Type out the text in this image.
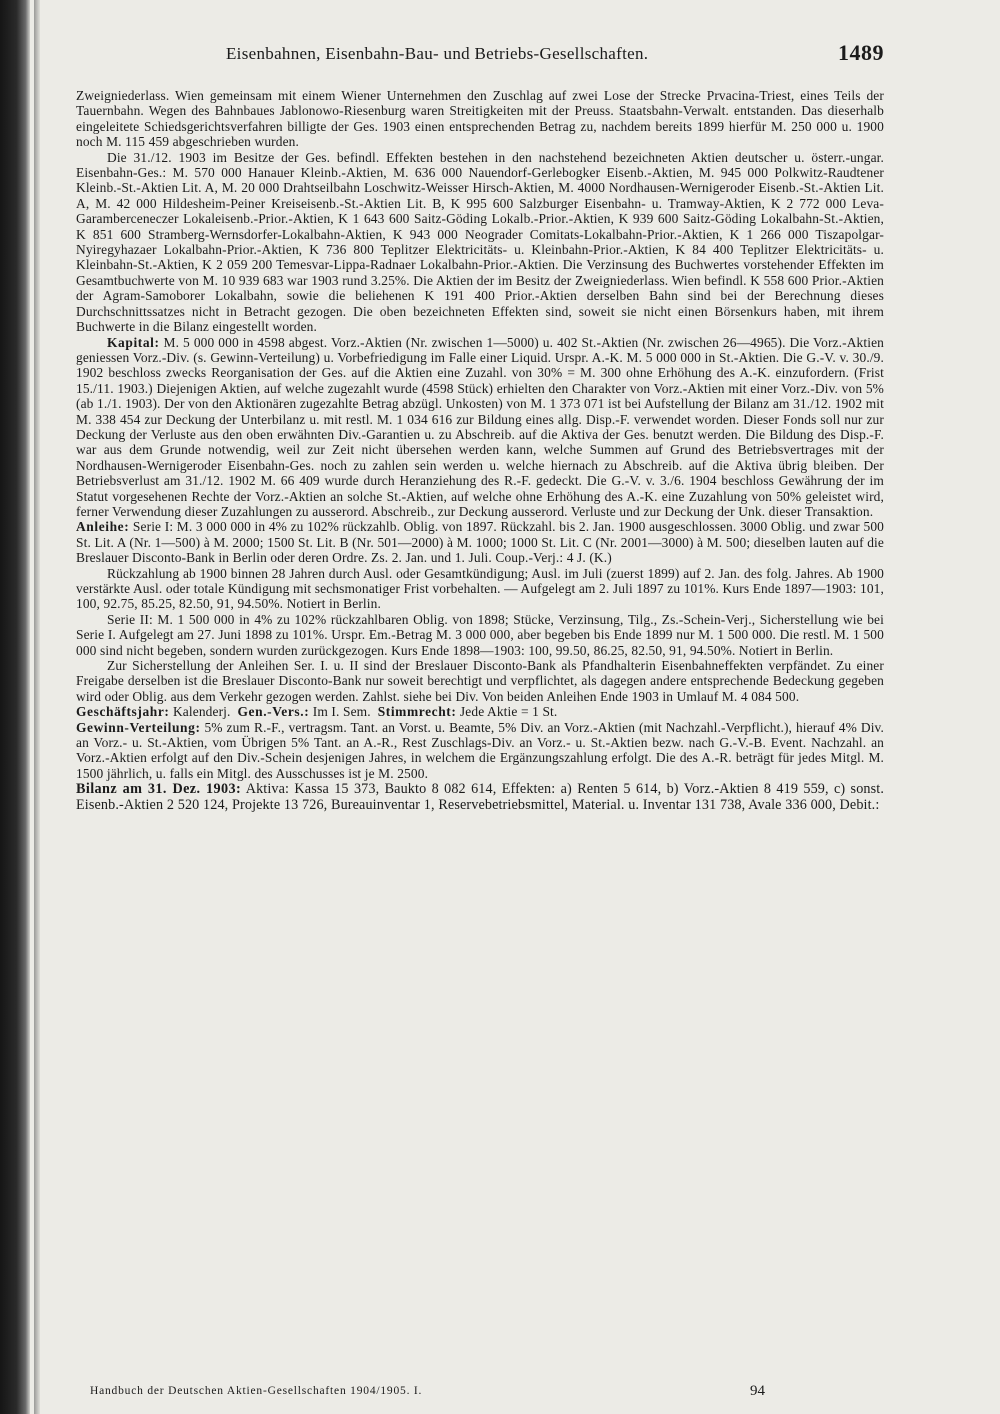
Eisenbahnen, Eisenbahn-Bau- und Betriebs-Gesellschaften.	1489

Zweigniederlass. Wien gemeinsam mit einem Wiener Unternehmen den Zuschlag auf zwei Lose der Strecke Prvacina-Triest, eines Teils der Tauernbahn. Wegen des Bahnbaues Jablonowo-Riesenburg waren Streitigkeiten mit der Preuss. Staatsbahn-Verwalt. entstanden. Das dieserhalb eingeleitete Schiedsgerichtsverfahren billigte der Ges. 1903 einen entsprechenden Betrag zu, nachdem bereits 1899 hierfür M. 250 000 u. 1900 noch M. 115 459 abgeschrieben wurden.

Die 31./12. 1903 im Besitze der Ges. befindl. Effekten bestehen in den nachstehend bezeichneten Aktien deutscher u. österr.-ungar. Eisenbahn-Ges.: M. 570 000 Hanauer Kleinb.-Aktien, M. 636 000 Nauendorf-Gerlebogker Eisenb.-Aktien, M. 945 000 Polkwitz-Raudtener Kleinb.-St.-Aktien Lit. A, M. 20 000 Drahtseilbahn Loschwitz-Weisser Hirsch-Aktien, M. 4000 Nordhausen-Wernigeroder Eisenb.-St.-Aktien Lit. A, M. 42 000 Hildesheim-Peiner Kreiseisenb.-St.-Aktien Lit. B, K 995 600 Salzburger Eisenbahn- u. Tramway-Aktien, K 2 772 000 Leva-Garamberceneczer Lokaleisenb.-Prior.-Aktien, K 1 643 600 Saitz-Göding Lokalb.-Prior.-Aktien, K 939 600 Saitz-Göding Lokalbahn-St.-Aktien, K 851 600 Stramberg-Wernsdorfer-Lokalbahn-Aktien, K 943 000 Neograder Comitats-Lokalbahn-Prior.-Aktien, K 1 266 000 Tiszapolgar-Nyiregyhazaer Lokalbahn-Prior.-Aktien, K 736 800 Teplitzer Elektricitäts- u. Kleinbahn-Prior.-Aktien, K 84 400 Teplitzer Elektricitäts- u. Kleinbahn-St.-Aktien, K 2 059 200 Temesvar-Lippa-Radnaer Lokalbahn-Prior.-Aktien. Die Verzinsung des Buchwertes vorstehender Effekten im Gesamtbuchwerte von M. 10 939 683 war 1903 rund 3.25%. Die Aktien der im Besitz der Zweigniederlass. Wien befindl. K 558 600 Prior.-Aktien der Agram-Samoborer Lokalbahn, sowie die beliehenen K 191 400 Prior.-Aktien derselben Bahn sind bei der Berechnung dieses Durchschnittssatzes nicht in Betracht gezogen. Die oben bezeichneten Effekten sind, soweit sie nicht einen Börsenkurs haben, mit ihrem Buchwerte in die Bilanz eingestellt worden.

Kapital: M. 5 000 000 in 4598 abgest. Vorz.-Aktien (Nr. zwischen 1—5000) u. 402 St.-Aktien (Nr. zwischen 26—4965). Die Vorz.-Aktien geniessen Vorz.-Div. (s. Gewinn-Verteilung) u. Vorbefriedigung im Falle einer Liquid. Urspr. A.-K. M. 5 000 000 in St.-Aktien. Die G.-V. v. 30./9. 1902 beschloss zwecks Reorganisation der Ges. auf die Aktien eine Zuzahl. von 30% = M. 300 ohne Erhöhung des A.-K. einzufordern. (Frist 15./11. 1903.) Diejenigen Aktien, auf welche zugezahlt wurde (4598 Stück) erhielten den Charakter von Vorz.-Aktien mit einer Vorz.-Div. von 5% (ab 1./1. 1903). Der von den Aktionären zugezahlte Betrag abzügl. Unkosten) von M. 1 373 071 ist bei Aufstellung der Bilanz am 31./12. 1902 mit M. 338 454 zur Deckung der Unterbilanz u. mit restl. M. 1 034 616 zur Bildung eines allg. Disp.-F. verwendet worden. Dieser Fonds soll nur zur Deckung der Verluste aus den oben erwähnten Div.-Garantien u. zu Abschreib. auf die Aktiva der Ges. benutzt werden. Die Bildung des Disp.-F. war aus dem Grunde notwendig, weil zur Zeit nicht übersehen werden kann, welche Summen auf Grund des Betriebsvertrages mit der Nordhausen-Wernigeroder Eisenbahn-Ges. noch zu zahlen sein werden u. welche hiernach zu Abschreib. auf die Aktiva übrig bleiben. Der Betriebsverlust am 31./12. 1902 M. 66 409 wurde durch Heranziehung des R.-F. gedeckt. Die G.-V. v. 3./6. 1904 beschloss Gewährung der im Statut vorgesehenen Rechte der Vorz.-Aktien an solche St.-Aktien, auf welche ohne Erhöhung des A.-K. eine Zuzahlung von 50% geleistet wird, ferner Verwendung dieser Zuzahlungen zu ausserord. Abschreib., zur Deckung ausserord. Verluste und zur Deckung der Unk. dieser Transaktion.

Anleihe: Serie I: M. 3 000 000 in 4% zu 102% rückzahlb. Oblig. von 1897. Rückzahl. bis 2. Jan. 1900 ausgeschlossen. 3000 Oblig. und zwar 500 St. Lit. A (Nr. 1—500) à M. 2000; 1500 St. Lit. B (Nr. 501—2000) à M. 1000; 1000 St. Lit. C (Nr. 2001—3000) à M. 500; dieselben lauten auf die Breslauer Disconto-Bank in Berlin oder deren Ordre. Zs. 2. Jan. und 1. Juli. Coup.-Verj.: 4 J. (K.)

Rückzahlung ab 1900 binnen 28 Jahren durch Ausl. oder Gesamtkündigung; Ausl. im Juli (zuerst 1899) auf 2. Jan. des folg. Jahres. Ab 1900 verstärkte Ausl. oder totale Kündigung mit sechsmonatiger Frist vorbehalten. — Aufgelegt am 2. Juli 1897 zu 101%. Kurs Ende 1897—1903: 101, 100, 92.75, 85.25, 82.50, 91, 94.50%. Notiert in Berlin.

Serie II: M. 1 500 000 in 4% zu 102% rückzahlbaren Oblig. von 1898; Stücke, Verzinsung, Tilg., Zs.-Schein-Verj., Sicherstellung wie bei Serie I. Aufgelegt am 27. Juni 1898 zu 101%. Urspr. Em.-Betrag M. 3 000 000, aber begeben bis Ende 1899 nur M. 1 500 000. Die restl. M. 1 500 000 sind nicht begeben, sondern wurden zurückgezogen. Kurs Ende 1898—1903: 100, 99.50, 86.25, 82.50, 91, 94.50%. Notiert in Berlin.

Zur Sicherstellung der Anleihen Ser. I. u. II sind der Breslauer Disconto-Bank als Pfandhalterin Eisenbahneffekten verpfändet. Zu einer Freigabe derselben ist die Breslauer Disconto-Bank nur soweit berechtigt und verpflichtet, als dagegen andere entsprechende Bedeckung gegeben wird oder Oblig. aus dem Verkehr gezogen werden. Zahlst. siehe bei Div. Von beiden Anleihen Ende 1903 in Umlauf M. 4 084 500.

Geschäftsjahr: Kalenderj. Gen.-Vers.: Im I. Sem. Stimmrecht: Jede Aktie = 1 St.

Gewinn-Verteilung: 5% zum R.-F., vertragsm. Tant. an Vorst. u. Beamte, 5% Div. an Vorz.-Aktien (mit Nachzahl.-Verpflicht.), hierauf 4% Div. an Vorz.- u. St.-Aktien, vom Übrigen 5% Tant. an A.-R., Rest Zuschlags-Div. an Vorz.- u. St.-Aktien bezw. nach G.-V.-B. Event. Nachzahl. an Vorz.-Aktien erfolgt auf den Div.-Schein desjenigen Jahres, in welchem die Ergänzungszahlung erfolgt. Die des A.-R. beträgt für jedes Mitgl. M. 1500 jährlich, u. falls ein Mitgl. des Ausschusses ist je M. 2500.

Bilanz am 31. Dez. 1903: Aktiva: Kassa 15 373, Baukto 8 082 614, Effekten: a) Renten 5 614, b) Vorz.-Aktien 8 419 559, c) sonst. Eisenb.-Aktien 2 520 124, Projekte 13 726, Bureauinventar 1, Reservebetriebsmittel, Material. u. Inventar 131 738, Avale 336 000, Debit.:

Handbuch der Deutschen Aktien-Gesellschaften 1904/1905. I.	94
